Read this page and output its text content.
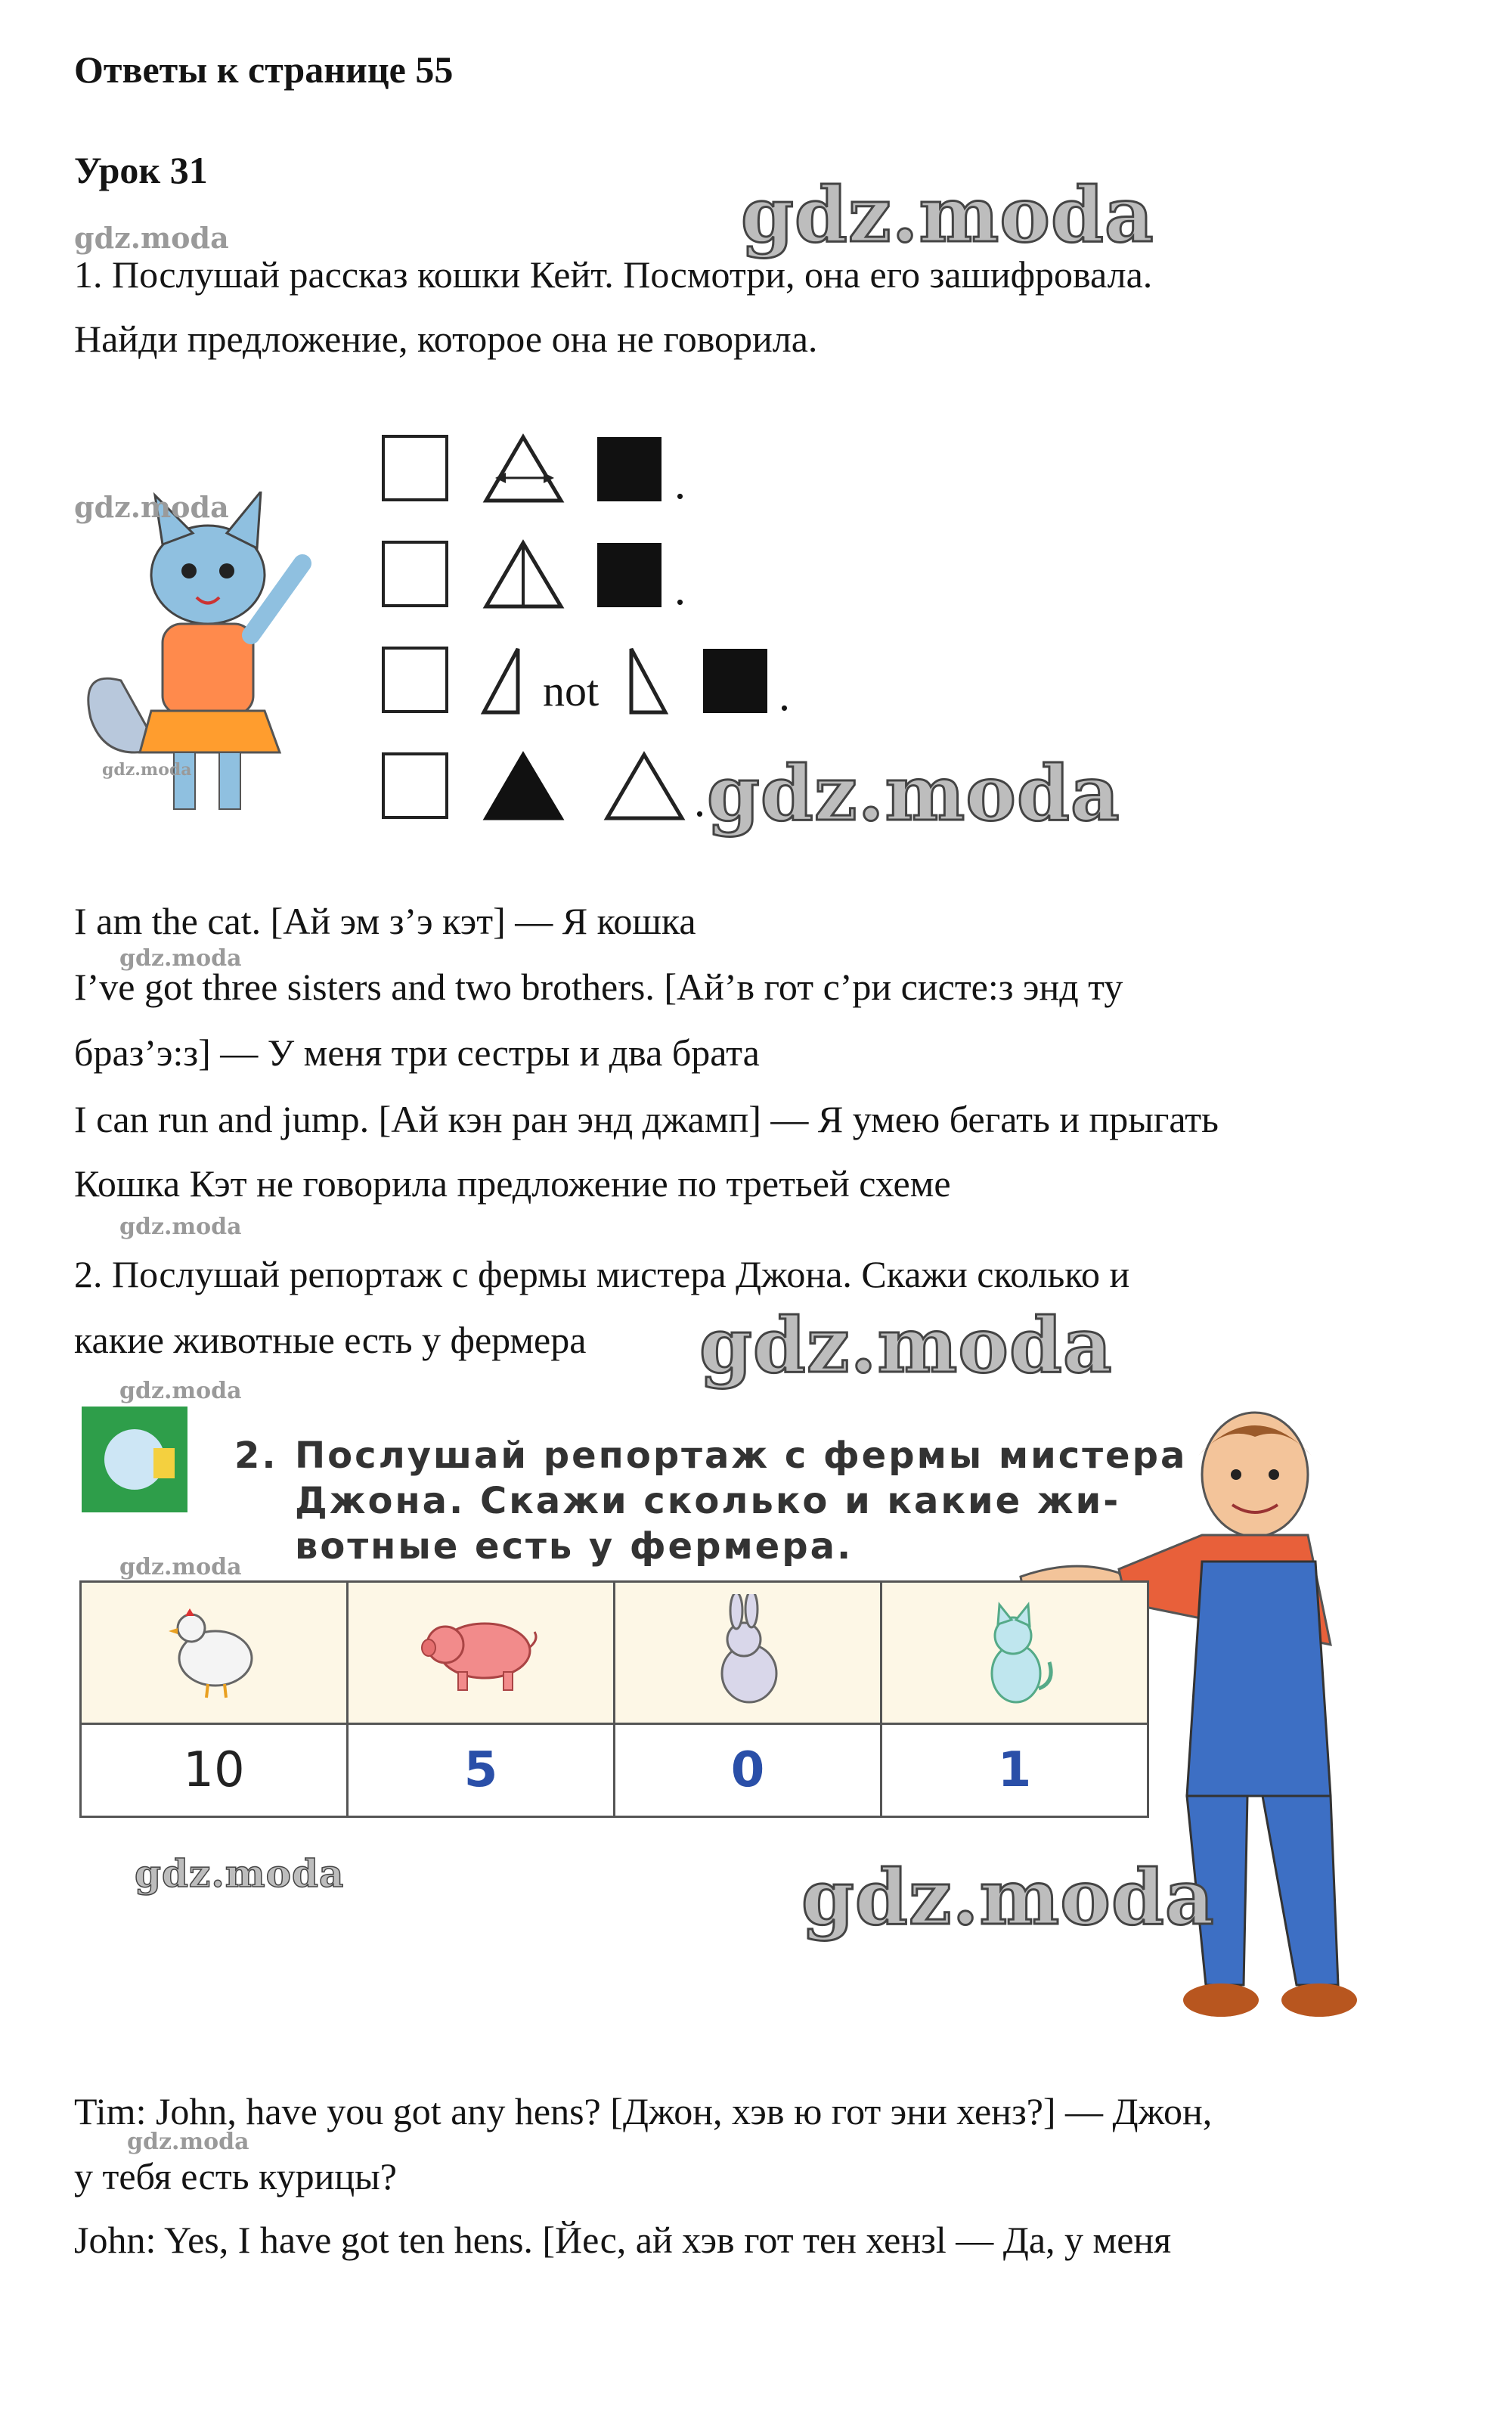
Ответы к странице 55
Урок 31
1. Послушай рассказ кошки Кейт. Посмотри, она его зашифровала.
Найди предложение, которое она не говорила.
.
.
not	.
.
I am the cat. [Ай эм з’э кэт] — Я кошка
I’ve got three sisters and two brothers. [Ай’в гот с’ри систе:з энд ту
браз’э:з] — У меня три сестры и два брата
I can run and jump. [Ай кэн ран энд джамп] — Я умею бегать и прыгать
Кошка Кэт не говорила предложение по третьей схеме
2. Послушай репортаж с фермы мистера Джона. Скажи сколько и
какие животные есть у фермера
2. Послушай репортаж с фермы мистера
Джона. Скажи сколько и какие жи-
вотные есть у фермера.

10	5	0	1
Tim: John, have you got any hens? [Джон, хэв ю гот эни хенз?] — Джон,
у тебя есть курицы?
John: Yes, I have got ten hens. [Йес, ай хэв гот тен хензl — Да, у меня
gdz.moda
gdz.moda
gdz.moda
gdz.moda
gdz.moda
gdz.moda
gdz.moda
gdz.moda
gdz.moda
gdz.moda
gdz.moda
gdz.moda
gdz.moda
